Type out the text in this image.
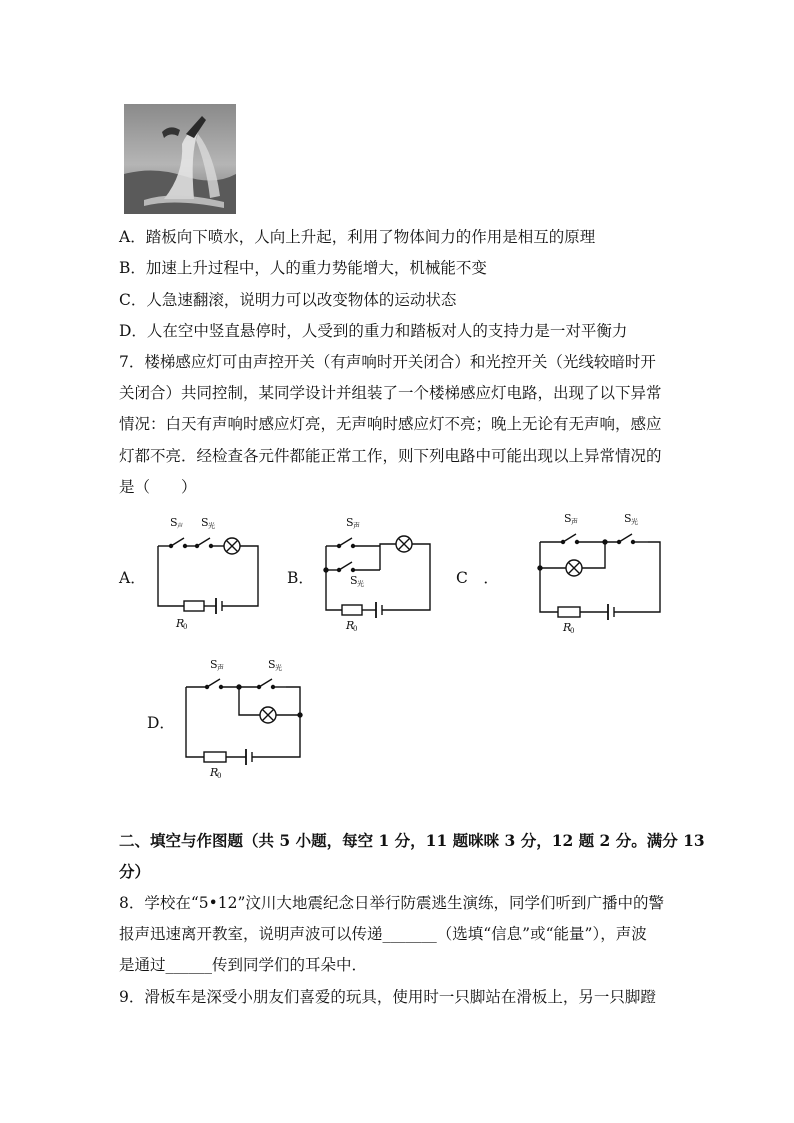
A．踏板向下喷水，人向上升起，利用了物体间力的作用是相互的原理
B．加速上升过程中，人的重力势能增大，机械能不变
C．人急速翻滚，说明力可以改变物体的运动状态
D．人在空中竖直悬停时，人受到的重力和踏板对人的支持力是一对平衡力
7．楼梯感应灯可由声控开关（有声响时开关闭合）和光控开关（光线较暗时开
关闭合）共同控制，某同学设计并组装了一个楼梯感应灯电路，出现了以下异常
情况：白天有声响时感应灯亮，无声响时感应灯不亮；晚上无论有无声响，感应
灯都不亮．经检查各元件都能正常工作，则下列电路中可能出现以上异常情况的
是（　　）
A．	B．	C　．
D．
S 声 S 光
R
0
S 声
S 光
R
0
S 声	S 光
R
0
S 声	S 光
R
0
二、填空与作图题（共 5 小题，每空 1 分，11 题咪咪 3 分，12 题 2 分。满分 13
分）
8．学校在“5•12”汶川大地震纪念日举行防震逃生演练，同学们听到广播中的警
报声迅速离开教室，说明声波可以传递_______（选填“信息”或“能量”），声波
是通过______传到同学们的耳朵中．
9．滑板车是深受小朋友们喜爱的玩具，使用时一只脚站在滑板上，另一只脚蹬
